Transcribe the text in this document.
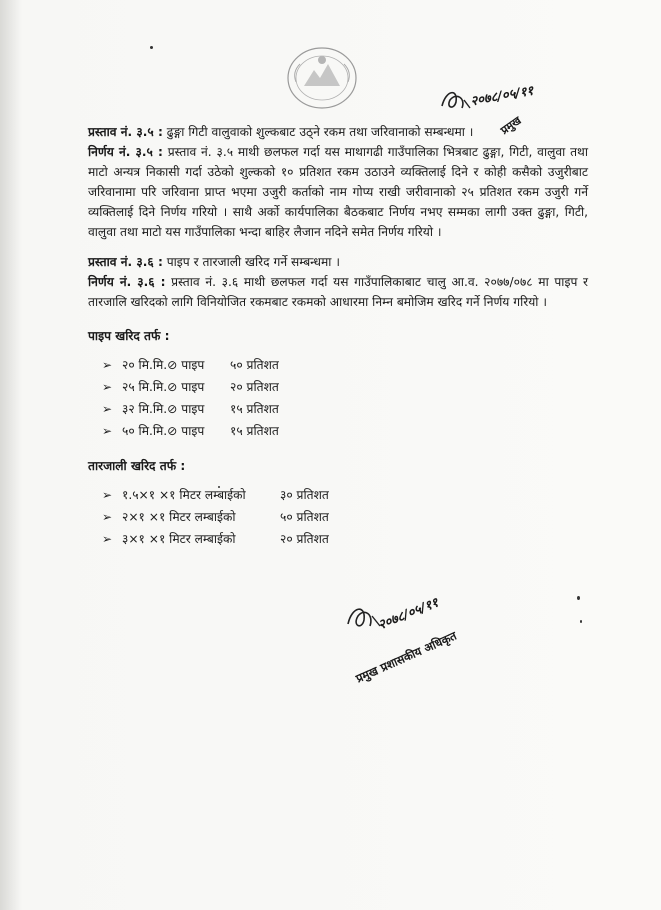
२०७८/०५/११
प्रमुख

प्रस्ताव नं. ३.५ : ढुङ्गा गिटी वालुवाको शुल्कबाट उठ्ने रकम तथा जरिवानाको सम्बन्धमा ।

निर्णय नं. ३.५ : प्रस्ताव नं. ३.५ माथी छलफल गर्दा यस माथागढी गाउँपालिका भित्रबाट ढुङ्गा, गिटी, वालुवा तथा माटो अन्यत्र निकासी गर्दा उठेको शुल्कको १० प्रतिशत रकम उठाउने व्यक्तिलाई दिने र कोही कसैको उजुरीबाट जरिवानामा परि जरिवाना प्राप्त भएमा उजुरी कर्ताको नाम गोप्य राखी जरीवानाको २५ प्रतिशत रकम उजुरी गर्ने व्यक्तिलाई दिने निर्णय गरियो । साथै अर्को कार्यपालिका बैठकबाट निर्णय नभए सम्मका लागी उक्त ढुङ्गा, गिटी, वालुवा तथा माटो यस गाउँपालिका भन्दा बाहिर लैजान नदिने समेत निर्णय गरियो ।

प्रस्ताव नं. ३.६ : पाइप र तारजाली खरिद गर्ने सम्बन्धमा ।

निर्णय नं. ३.६ : प्रस्ताव नं. ३.६ माथी छलफल गर्दा यस गाउँपालिकाबाट चालु आ.व. २०७७/०७८ मा पाइप र तारजालि खरिदको लागि विनियोजित रकमबाट रकमको आधारमा निम्न बमोजिम खरिद गर्ने निर्णय गरियो ।

पाइप खरिद तर्फ :
➢ २० मि.मि.⊘ पाइप	५० प्रतिशत
➢ २५ मि.मि.⊘ पाइप	२० प्रतिशत
➢ ३२ मि.मि.⊘ पाइप	१५ प्रतिशत
➢ ५० मि.मि.⊘ पाइप	१५ प्रतिशत
तारजाली खरिद तर्फ :
➢ १.५×१ ×१ मिटर लम्बाईको	३० प्रतिशत
➢ २×१ ×१ मिटर लम्बाईको	५० प्रतिशत
➢ ३×१ ×१ मिटर लम्बाईको	२० प्रतिशत
२०७८/०५/११
प्रमुख प्रशासकीय अधिकृत
